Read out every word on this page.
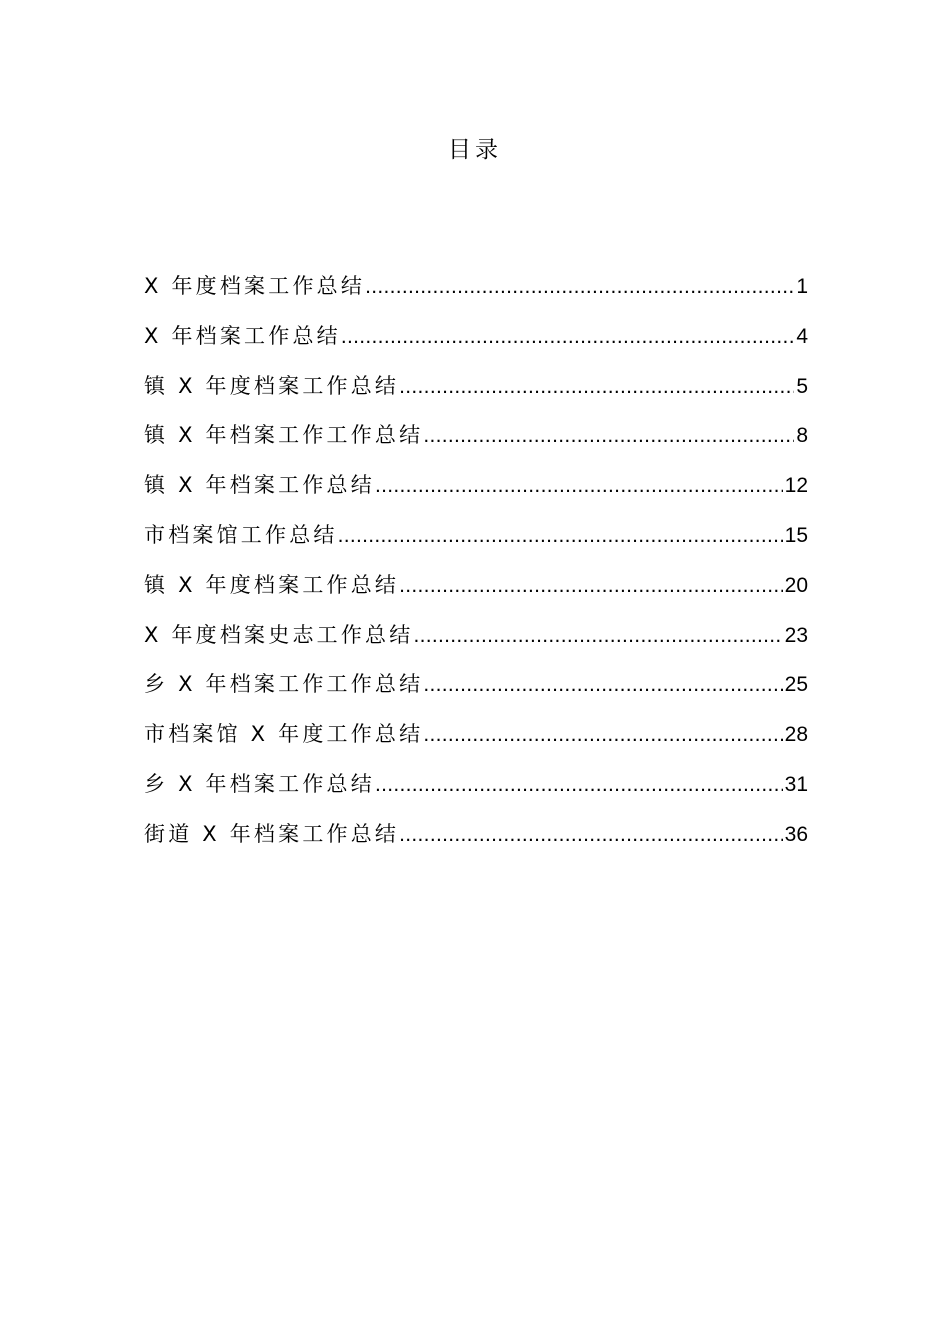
目录
X 年度档案工作总结 .....	1
X 年档案工作总结 .....	4
镇 X 年度档案工作总结 .....	5
镇 X 年档案工作工作总结 .....	8
镇 X 年档案工作总结 .....	12
市档案馆工作总结 .....	15
镇 X 年度档案工作总结 .....	20
X 年度档案史志工作总结 .....	23
乡 X 年档案工作工作总结 .....	25
市档案馆 X 年度工作总结 .....	28
乡 X 年档案工作总结 .....	31
街道 X 年档案工作总结 .....	36
